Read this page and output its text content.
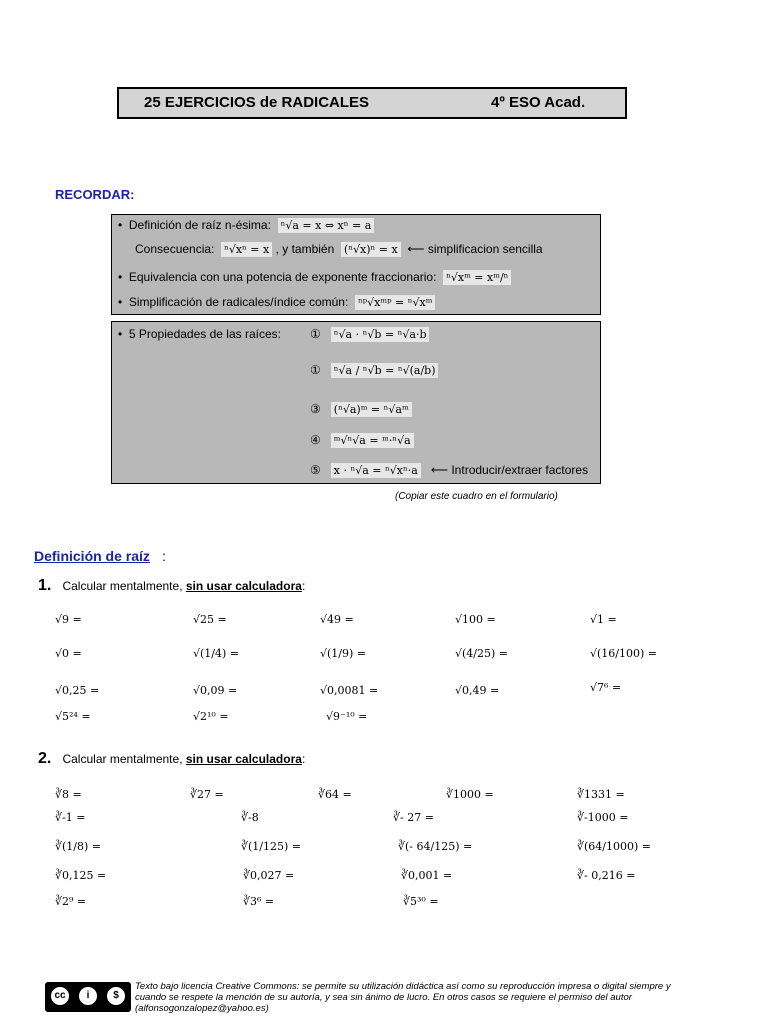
25 EJERCICIOS de RADICALES	4º ESO Acad.
RECORDAR:
•  Definición de raíz n-ésima: ⁿ√a = x ⇔ xⁿ = a
Consecuencia: ⁿ√xⁿ = x , y también (ⁿ√x)ⁿ = x ⟵ simplificacion sencilla
•  Equivalencia con una potencia de exponente fraccionario: ⁿ√xᵐ = xᵐ/ⁿ
•  Simplificación de radicales/índice común: ⁿᵖ√xᵐᵖ = ⁿ√xᵐ
•  5 Propiedades de las raíces: ① ⁿ√a · ⁿ√b = ⁿ√a·b
① ⁿ√a / ⁿ√b = ⁿ√(a/b)
③ (ⁿ√a)ᵐ = ⁿ√aᵐ
④ ᵐ√ⁿ√a = ᵐ·ⁿ√a
⑤ x · ⁿ√a = ⁿ√xⁿ·a ⟵ Introducir/extraer factores
(Copiar este cuadro en el formulario)
Definición de raíz :
1. Calcular mentalmente, sin usar calculadora:
√9 =	√25 =	√49 =	√100 =	√1 =
√0 =	√(1/4) =	√(1/9) =	√(4/25) =	√(16/100) =
√0,25 =	√0,09 =	√0,0081 =	√0,49 =	√7⁶ =
√5²⁴ =	√2¹⁰ =	√9⁻¹⁰ =
2. Calcular mentalmente, sin usar calculadora:
∛8 =	∛27 =	∛64 =	∛1000 =	∛1331 =
∛-1 =	∛-8	∛- 27 =	∛-1000 =
∛(1/8) =	∛(1/125) =	∛(- 64/125) =	∛(64/1000) =
∛0,125 =	∛0,027 =	∛0,001 =	∛- 0,216 =
∛2⁹ =	∛3⁶ =	∛5³⁰ =
cc	i	$
Texto bajo licencia Creative Commons: se permite su utilización didáctica así como su reproducción impresa o digital siempre y cuando se respete la mención de su autoría, y sea sin ánimo de lucro. En otros casos se requiere el permiso del autor (alfonsogonzalopez@yahoo.es)
